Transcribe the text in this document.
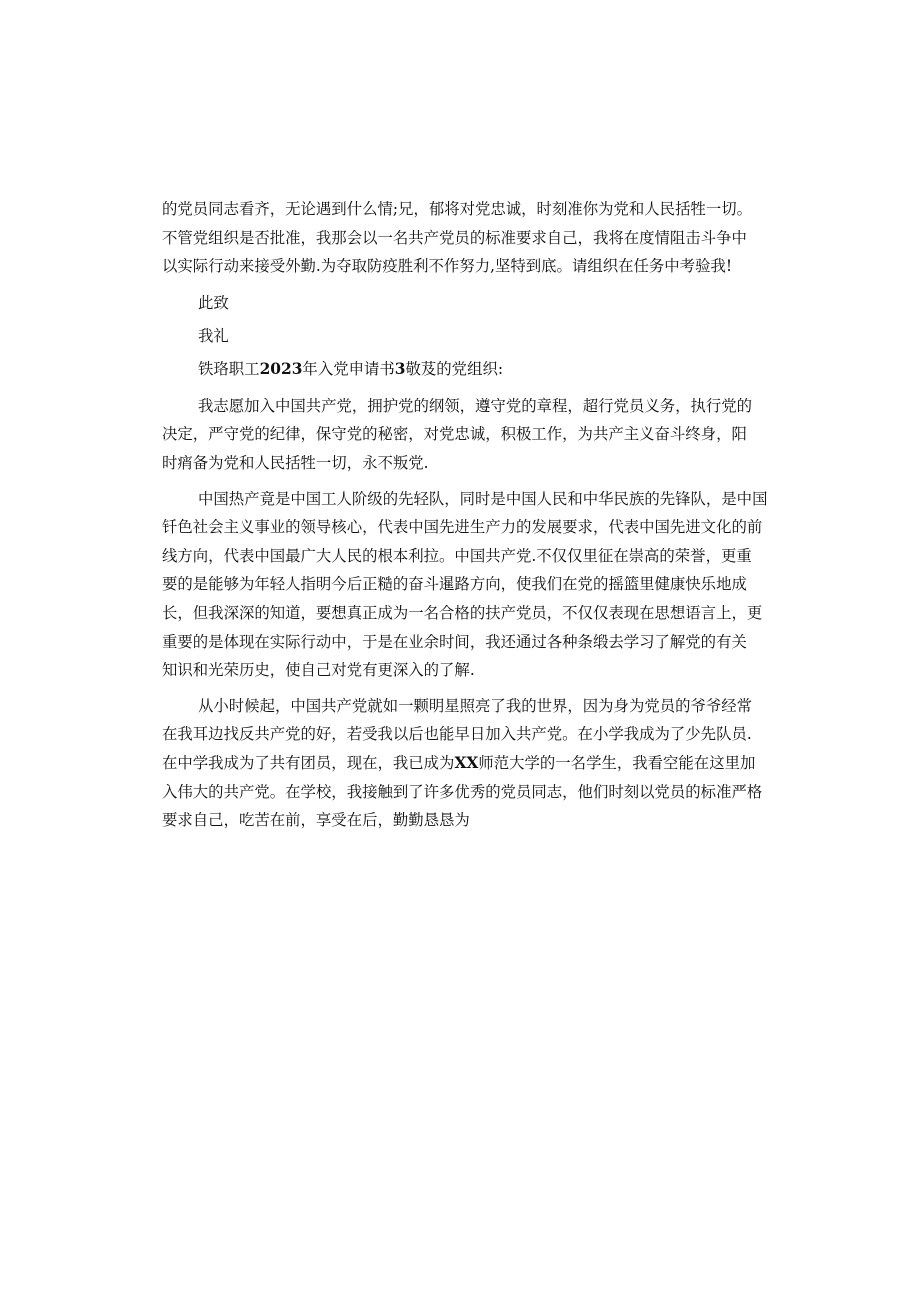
的党员同志看齐，无论遇到什么情;兄，郁将对党忠诚，时刻准你为党和人民括牲一切。
不管党组织是否批准，我那会以一名共产党员的标准要求自己，我将在度情阻击斗争中
以实际行动来接受外勤.为夺取防疫胜利不作努力,坚特到底。请组织在任务中考验我!
此致
我礼
铁珞职工2023年入党申请书3敬芨的党组织:
我志愿加入中国共产党，拥护党的纲领，遵守党的章程，超行党员义务，执行党的
决定，严守党的纪律，保守党的秘密，对党忠诚，积极工作，为共产主义奋斗终身，阳
时痟备为党和人民括牲一切，永不叛党.
中国热产竟是中国工人阶级的先轻队，同时是中国人民和中华民族的先锋队，是中国
钎色社会主义事业的领导核心，代表中国先进生产力的发展要求，代表中国先进文化的前
线方向，代表中国最广大人民的根本利拉。中国共产党.不仅仅里征在崇高的荣誉，更重
要的是能够为年轻人指明今后正糙的奋斗暹路方向，使我们在党的摇篮里健康快乐地成
长，但我深深的知道，要想真正成为一名合格的扶产党员，不仅仅表现在思想语言上，更
重要的是体现在实际行动中，于是在业余时间，我还通过各种条缎去学习了解党的有关
知识和光荣历史，使自己对党有更深入的了解.
从小时候起，中国共产党就如一颗明星照亮了我的世界，因为身为党员的爷爷经常
在我耳边找反共产党的好，若受我以后也能早日加入共产党。在小学我成为了少先队员.
在中学我成为了共有团员，现在，我已成为XX师范大学的一名学生，我看空能在这里加
入伟大的共产党。在学校，我接触到了许多优秀的党员同志，他们时刻以党员的标准严格
要求自己，吃苦在前，享受在后，勤勤恳恳为
